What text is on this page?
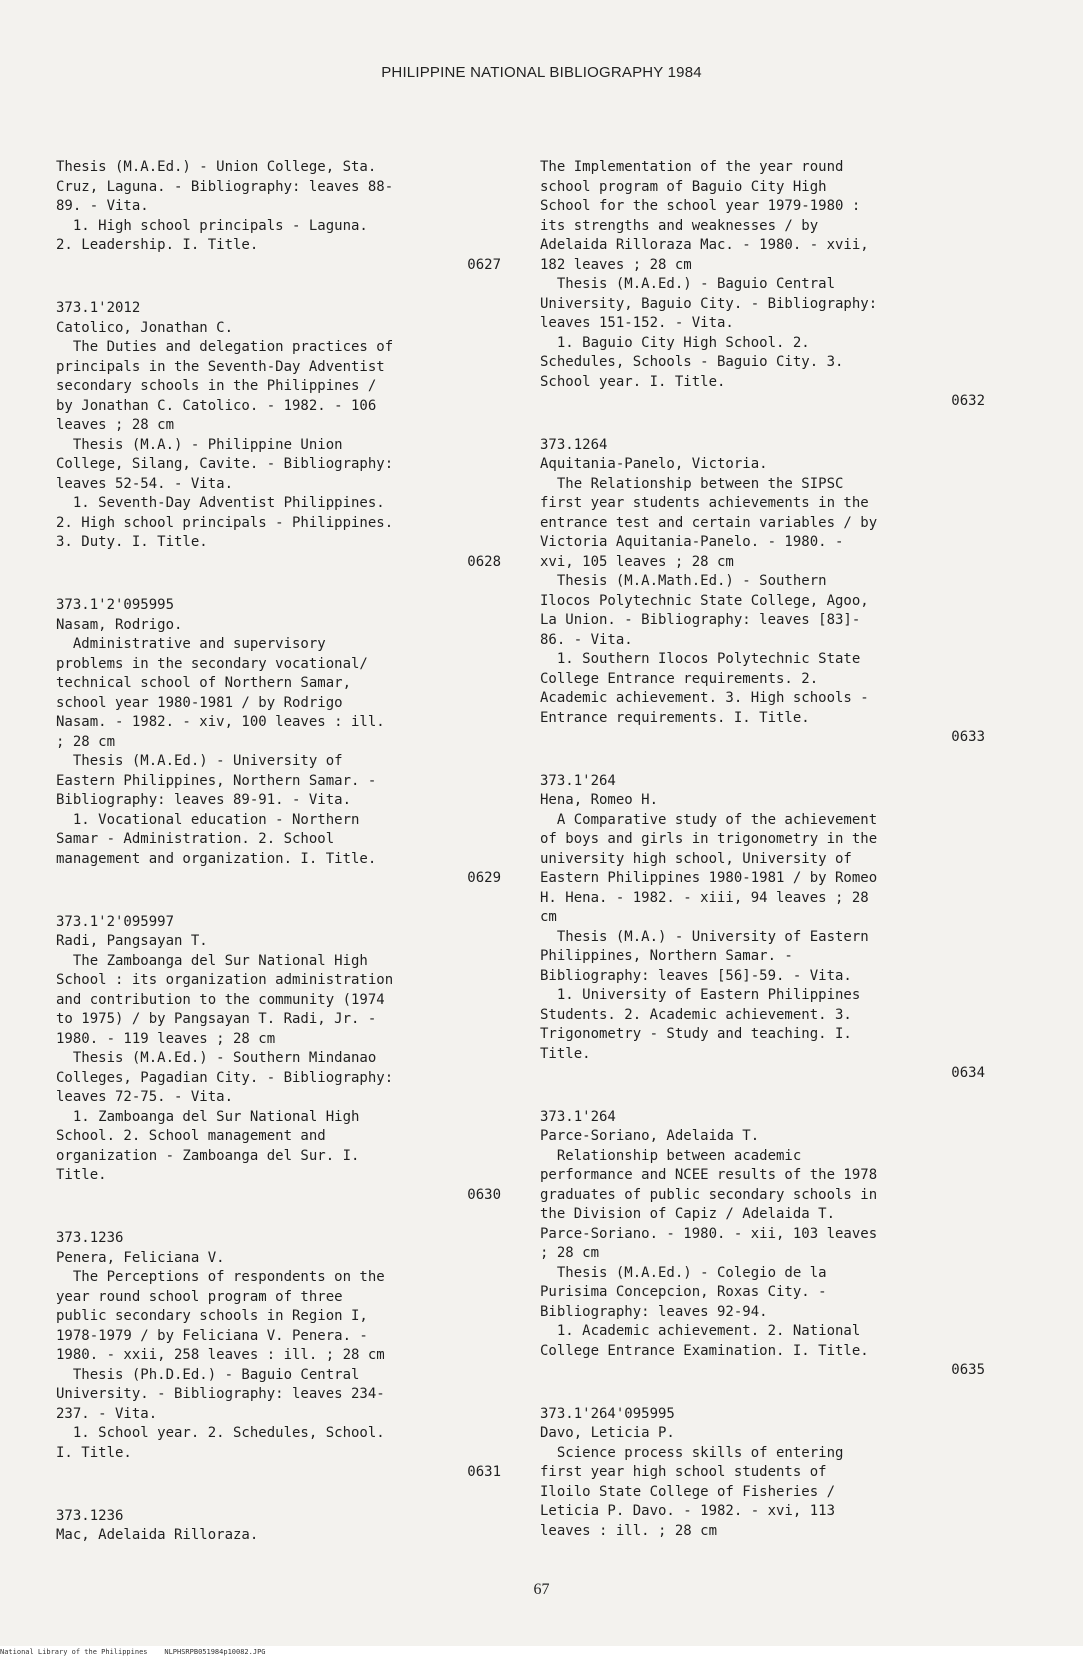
PHILIPPINE NATIONAL BIBLIOGRAPHY 1984
Thesis (M.A.Ed.) - Union College, Sta.
Cruz, Laguna. - Bibliography: leaves 88-
89. - Vita.
1. High school principals - Laguna.
2. Leadership. I. Title.
0627
373.1'2012
Catolico, Jonathan C.
The Duties and delegation practices of
principals in the Seventh-Day Adventist
secondary schools in the Philippines /
by Jonathan C. Catolico. - 1982. - 106
leaves ; 28 cm
Thesis (M.A.) - Philippine Union
College, Silang, Cavite. - Bibliography:
leaves 52-54. - Vita.
1. Seventh-Day Adventist Philippines.
2. High school principals - Philippines.
3. Duty. I. Title.
0628
373.1'2'095995
Nasam, Rodrigo.
Administrative and supervisory
problems in the secondary vocational/
technical school of Northern Samar,
school year 1980-1981 / by Rodrigo
Nasam. - 1982. - xiv, 100 leaves : ill.
; 28 cm
Thesis (M.A.Ed.) - University of
Eastern Philippines, Northern Samar. -
Bibliography: leaves 89-91. - Vita.
1. Vocational education - Northern
Samar - Administration. 2. School
management and organization. I. Title.
0629
373.1'2'095997
Radi, Pangsayan T.
The Zamboanga del Sur National High
School : its organization administration
and contribution to the community (1974
to 1975) / by Pangsayan T. Radi, Jr. -
1980. - 119 leaves ; 28 cm
Thesis (M.A.Ed.) - Southern Mindanao
Colleges, Pagadian City. - Bibliography:
leaves 72-75. - Vita.
1. Zamboanga del Sur National High
School. 2. School management and
organization - Zamboanga del Sur. I.
Title.
0630
373.1236
Penera, Feliciana V.
The Perceptions of respondents on the
year round school program of three
public secondary schools in Region I,
1978-1979 / by Feliciana V. Penera. -
1980. - xxii, 258 leaves : ill. ; 28 cm
Thesis (Ph.D.Ed.) - Baguio Central
University. - Bibliography: leaves 234-
237. - Vita.
1. School year. 2. Schedules, School.
I. Title.
0631
373.1236
Mac, Adelaida Rilloraza.
The Implementation of the year round
school program of Baguio City High
School for the school year 1979-1980 :
its strengths and weaknesses / by
Adelaida Rilloraza Mac. - 1980. - xvii,
182 leaves ; 28 cm
Thesis (M.A.Ed.) - Baguio Central
University, Baguio City. - Bibliography:
leaves 151-152. - Vita.
1. Baguio City High School. 2.
Schedules, Schools - Baguio City. 3.
School year. I. Title.
0632
373.1264
Aquitania-Panelo, Victoria.
The Relationship between the SIPSC
first year students achievements in the
entrance test and certain variables / by
Victoria Aquitania-Panelo. - 1980. -
xvi, 105 leaves ; 28 cm
Thesis (M.A.Math.Ed.) - Southern
Ilocos Polytechnic State College, Agoo,
La Union. - Bibliography: leaves [83]-
86. - Vita.
1. Southern Ilocos Polytechnic State
College Entrance requirements. 2.
Academic achievement. 3. High schools -
Entrance requirements. I. Title.
0633
373.1'264
Hena, Romeo H.
A Comparative study of the achievement
of boys and girls in trigonometry in the
university high school, University of
Eastern Philippines 1980-1981 / by Romeo
H. Hena. - 1982. - xiii, 94 leaves ; 28
cm
Thesis (M.A.) - University of Eastern
Philippines, Northern Samar. -
Bibliography: leaves [56]-59. - Vita.
1. University of Eastern Philippines
Students. 2. Academic achievement. 3.
Trigonometry - Study and teaching. I.
Title.
0634
373.1'264
Parce-Soriano, Adelaida T.
Relationship between academic
performance and NCEE results of the 1978
graduates of public secondary schools in
the Division of Capiz / Adelaida T.
Parce-Soriano. - 1980. - xii, 103 leaves
; 28 cm
Thesis (M.A.Ed.) - Colegio de la
Purisima Concepcion, Roxas City. -
Bibliography: leaves 92-94.
1. Academic achievement. 2. National
College Entrance Examination. I. Title.
0635
373.1'264'095995
Davo, Leticia P.
Science process skills of entering
first year high school students of
Iloilo State College of Fisheries /
Leticia P. Davo. - 1982. - xvi, 113
leaves : ill. ; 28 cm
67
National Library of the Philippines    NLPHSRPB051984p10082.JPG
